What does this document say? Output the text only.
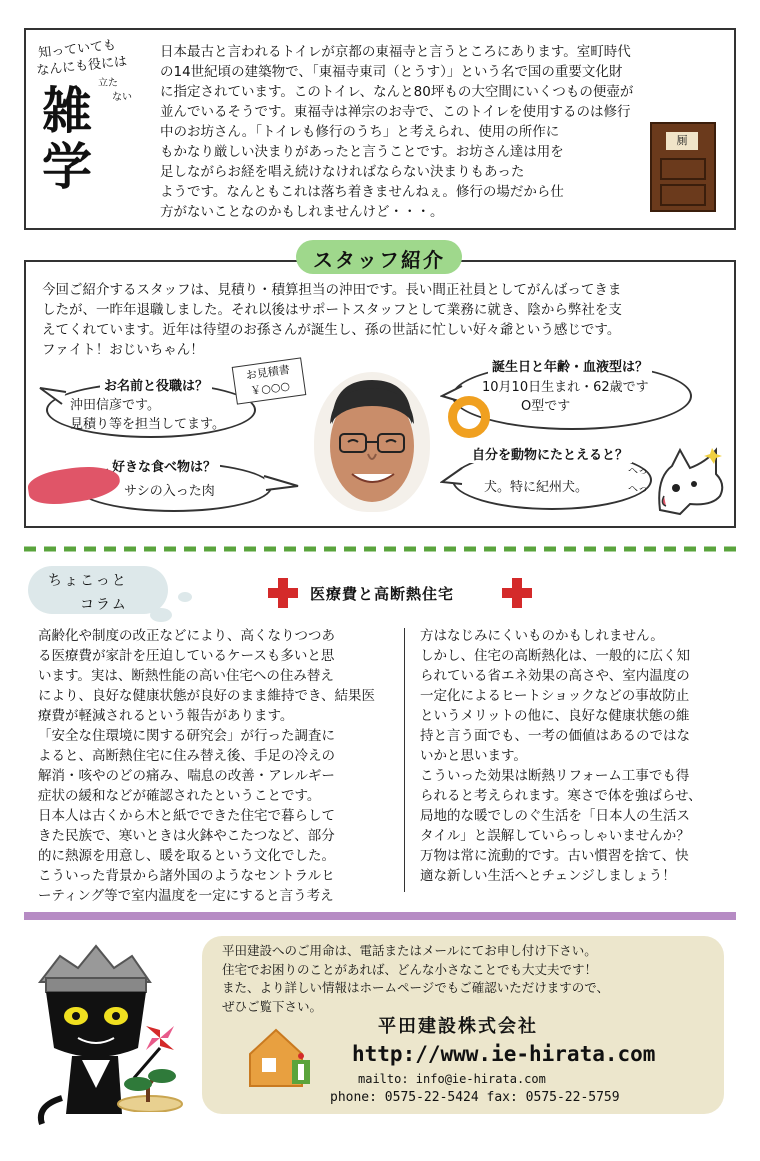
知っていても
なんにも役には
立た
ない
雑
学

日本最古と言われるトイレが京都の東福寺と言うところにあります。室町時代
の14世紀頃の建築物で、「東福寺東司（とうす）」という名で国の重要文化財
に指定されています。このトイレ、なんと80坪もの大空間にいくつもの便壺が
並んでいるそうです。東福寺は禅宗のお寺で、このトイレを使用するのは修行
中のお坊さん。「トイレも修行のうち」と考えられ、使用の所作に
もかなり厳しい決まりがあったと言うことです。お坊さん達は用を
足しながらお経を唱え続けなければならない決まりもあった
ようです。なんともこれは落ち着きませんねぇ。修行の場だから仕
方がないことなのかもしれませんけど・・・。

厠
スタッフ紹介

今回ご紹介するスタッフは、見積り・積算担当の沖田です。長い間正社員としてがんばってきま
したが、一昨年退職しました。それ以後はサポートスタッフとして業務に就き、陰から弊社を支
えてくれています。近年は待望のお孫さんが誕生し、孫の世話に忙しい好々爺という感じです。
ファイト！おじいちゃん！

お名前と役職は？

沖田信彦です。
見積り等を担当してます。

お見積書
￥○○○
誕生日と年齢・血液型は？

10月10日生まれ・62歳です
　　　O型です

好きな食べ物は？

サシの入った肉

自分を動物にたとえると？

犬。特に紀州犬。

へっ
へっ
ちょこっと
コラム
医療費と高断熱住宅

高齢化や制度の改正などにより、高くなりつつあ
る医療費が家計を圧迫しているケースも多いと思
います。実は、断熱性能の高い住宅への住み替え
により、良好な健康状態が良好のまま維持でき、結果医
療費が軽減されるという報告があります。
「安全な住環境に関する研究会」が行った調査に
よると、高断熱住宅に住み替え後、手足の冷えの
解消・咳やのどの痛み、喘息の改善・アレルギー
症状の緩和などが確認されたということです。
日本人は古くから木と紙でできた住宅で暮らして
きた民族で、寒いときは火鉢やこたつなど、部分
的に熱源を用意し、暖を取るという文化でした。
こういった背景から諸外国のようなセントラルヒ
ーティング等で室内温度を一定にすると言う考え

方はなじみにくいものかもしれません。
しかし、住宅の高断熱化は、一般的に広く知
られている省エネ効果の高さや、室内温度の
一定化によるヒートショックなどの事故防止
というメリットの他に、良好な健康状態の維
持と言う面でも、一考の価値はあるのではな
いかと思います。
こういった効果は断熱リフォーム工事でも得
られると考えられます。寒さで体を強ばらせ、
局地的な暖でしのぐ生活を「日本人の生活ス
タイル」と誤解していらっしゃいませんか？
万物は常に流動的です。古い慣習を捨て、快
適な新しい生活へとチェンジしましょう！

平田建設へのご用命は、電話またはメールにてお申し付け下さい。
住宅でお困りのことがあれば、どんな小さなことでも大丈夫です！
また、より詳しい情報はホームページでもご確認いただけますので、
ぜひご覧下さい。

平田建設株式会社
http://www.ie-hirata.com
mailto: info@ie-hirata.com
phone: 0575-22-5424 fax: 0575-22-5759
